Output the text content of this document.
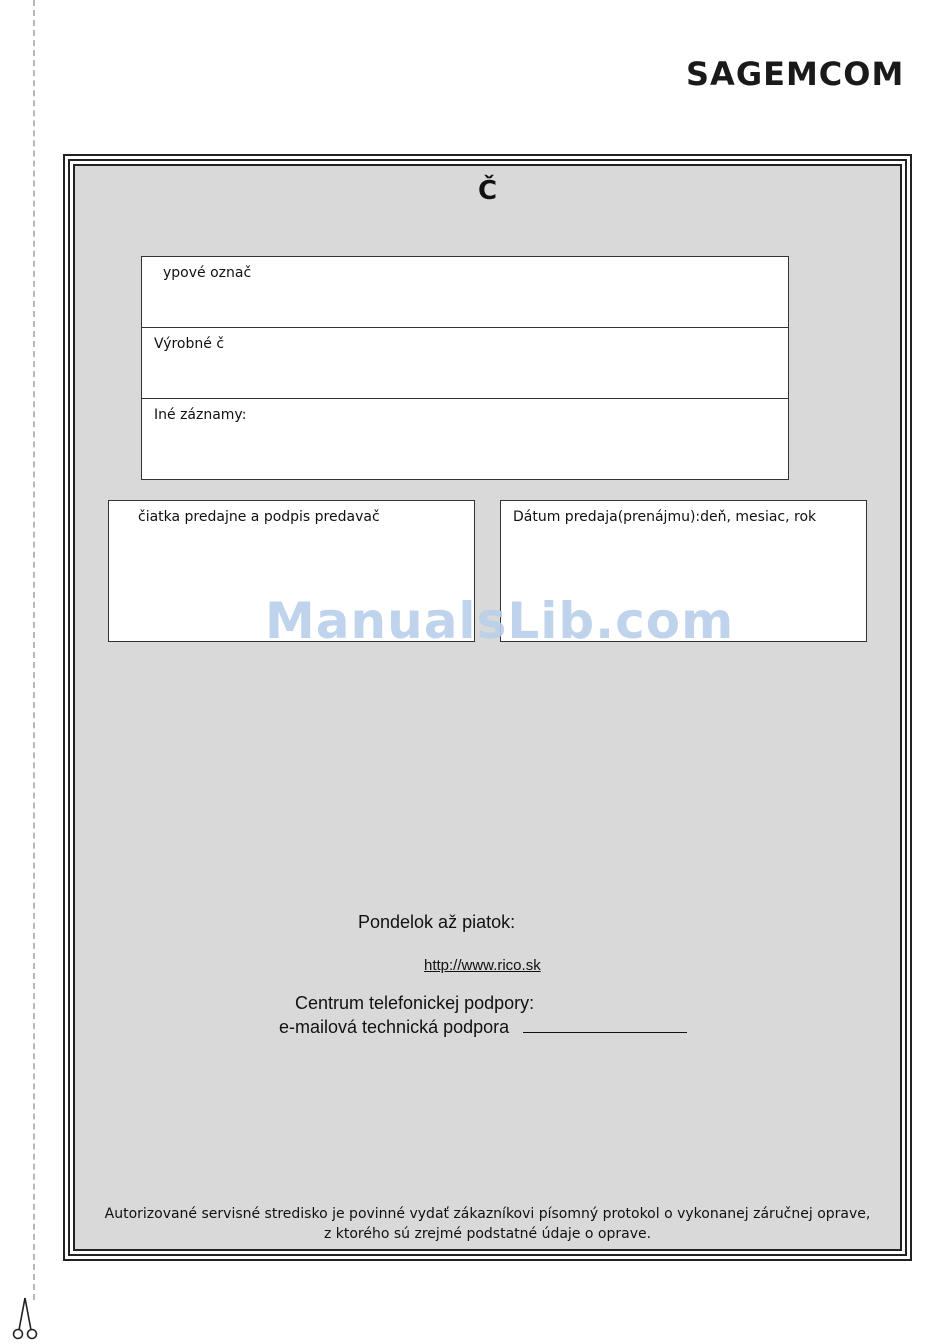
SAGEMCOM
Č
ypové označ
Výrobné č
Iné záznamy:
čiatka predajne a podpis predavač	Dátum predaja(prenájmu):deň, mesiac, rok
ManualsLib.com
Pondelok až piatok:
http://www.rico.sk
Centrum telefonickej podpory:
e-mailová technická podpora
Autorizované servisné stredisko je povinné vydať zákazníkovi písomný protokol o vykonanej záručnej oprave,
z ktorého sú zrejmé podstatné údaje o oprave.
